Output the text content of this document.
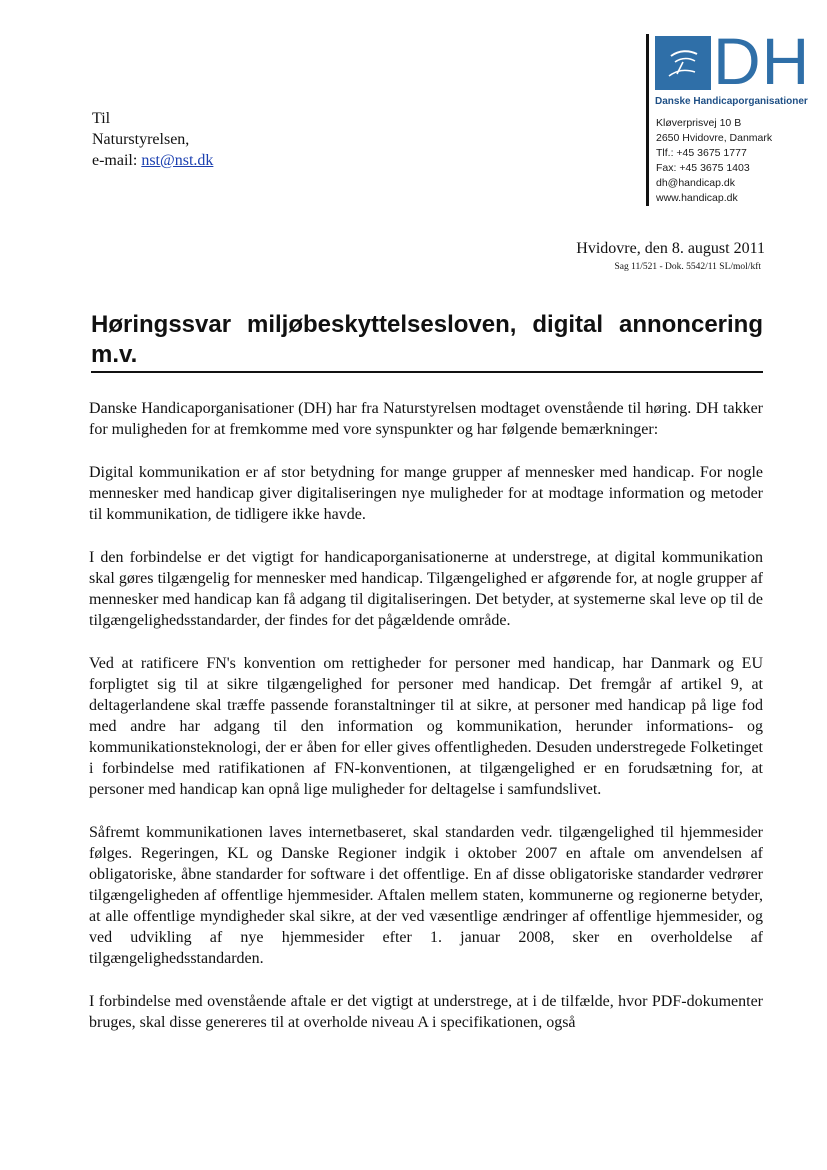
DH
Danske Handicaporganisationer
Kløverprisvej 10 B
2650 Hvidovre, Danmark
Tlf.: +45 3675 1777
Fax: +45 3675 1403
dh@handicap.dk
www.handicap.dk
Til
Naturstyrelsen,
e-mail: nst@nst.dk
Hvidovre, den 8. august 2011
Sag 11/521 - Dok. 5542/11 SL/mol/kft
Høringssvar miljøbeskyttelsesloven, digital annoncering m.v.

Danske Handicaporganisationer (DH) har fra Naturstyrelsen modtaget ovenstående til høring. DH takker for muligheden for at fremkomme med vore synspunkter og har følgende bemærkninger:

Digital kommunikation er af stor betydning for mange grupper af mennesker med handicap. For nogle mennesker med handicap giver digitaliseringen nye muligheder for at modtage information og metoder til kommunikation, de tidligere ikke havde.

I den forbindelse er det vigtigt for handicaporganisationerne at understrege, at digital kommunikation skal gøres tilgængelig for mennesker med handicap. Tilgængelighed er afgørende for, at nogle grupper af mennesker med handicap kan få adgang til digitaliseringen. Det betyder, at systemerne skal leve op til de tilgængelighedsstandarder, der findes for det pågældende område.

Ved at ratificere FN's konvention om rettigheder for personer med handicap, har Danmark og EU forpligtet sig til at sikre tilgængelighed for personer med handicap. Det fremgår af artikel 9, at deltagerlandene skal træffe passende foranstaltninger til at sikre, at personer med handicap på lige fod med andre har adgang til den information og kommunikation, herunder informations- og kommunikationsteknologi, der er åben for eller gives offentligheden. Desuden understregede Folketinget i forbindelse med ratifikationen af FN-konventionen, at tilgængelighed er en forudsætning for, at personer med handicap kan opnå lige muligheder for deltagelse i samfundslivet.

Såfremt kommunikationen laves internetbaseret, skal standarden vedr. tilgængelighed til hjemmesider følges. Regeringen, KL og Danske Regioner indgik i oktober 2007 en aftale om anvendelsen af obligatoriske, åbne standarder for software i det offentlige. En af disse obligatoriske standarder vedrører tilgængeligheden af offentlige hjemmesider. Aftalen mellem staten, kommunerne og regionerne betyder, at alle offentlige myndigheder skal sikre, at der ved væsentlige ændringer af offentlige hjemmesider, og ved udvikling af nye hjemmesider efter 1. januar 2008, sker en overholdelse af tilgængelighedsstandarden.

I forbindelse med ovenstående aftale er det vigtigt at understrege, at i de tilfælde, hvor PDF-dokumenter bruges, skal disse genereres til at overholde niveau A i specifikationen, også
